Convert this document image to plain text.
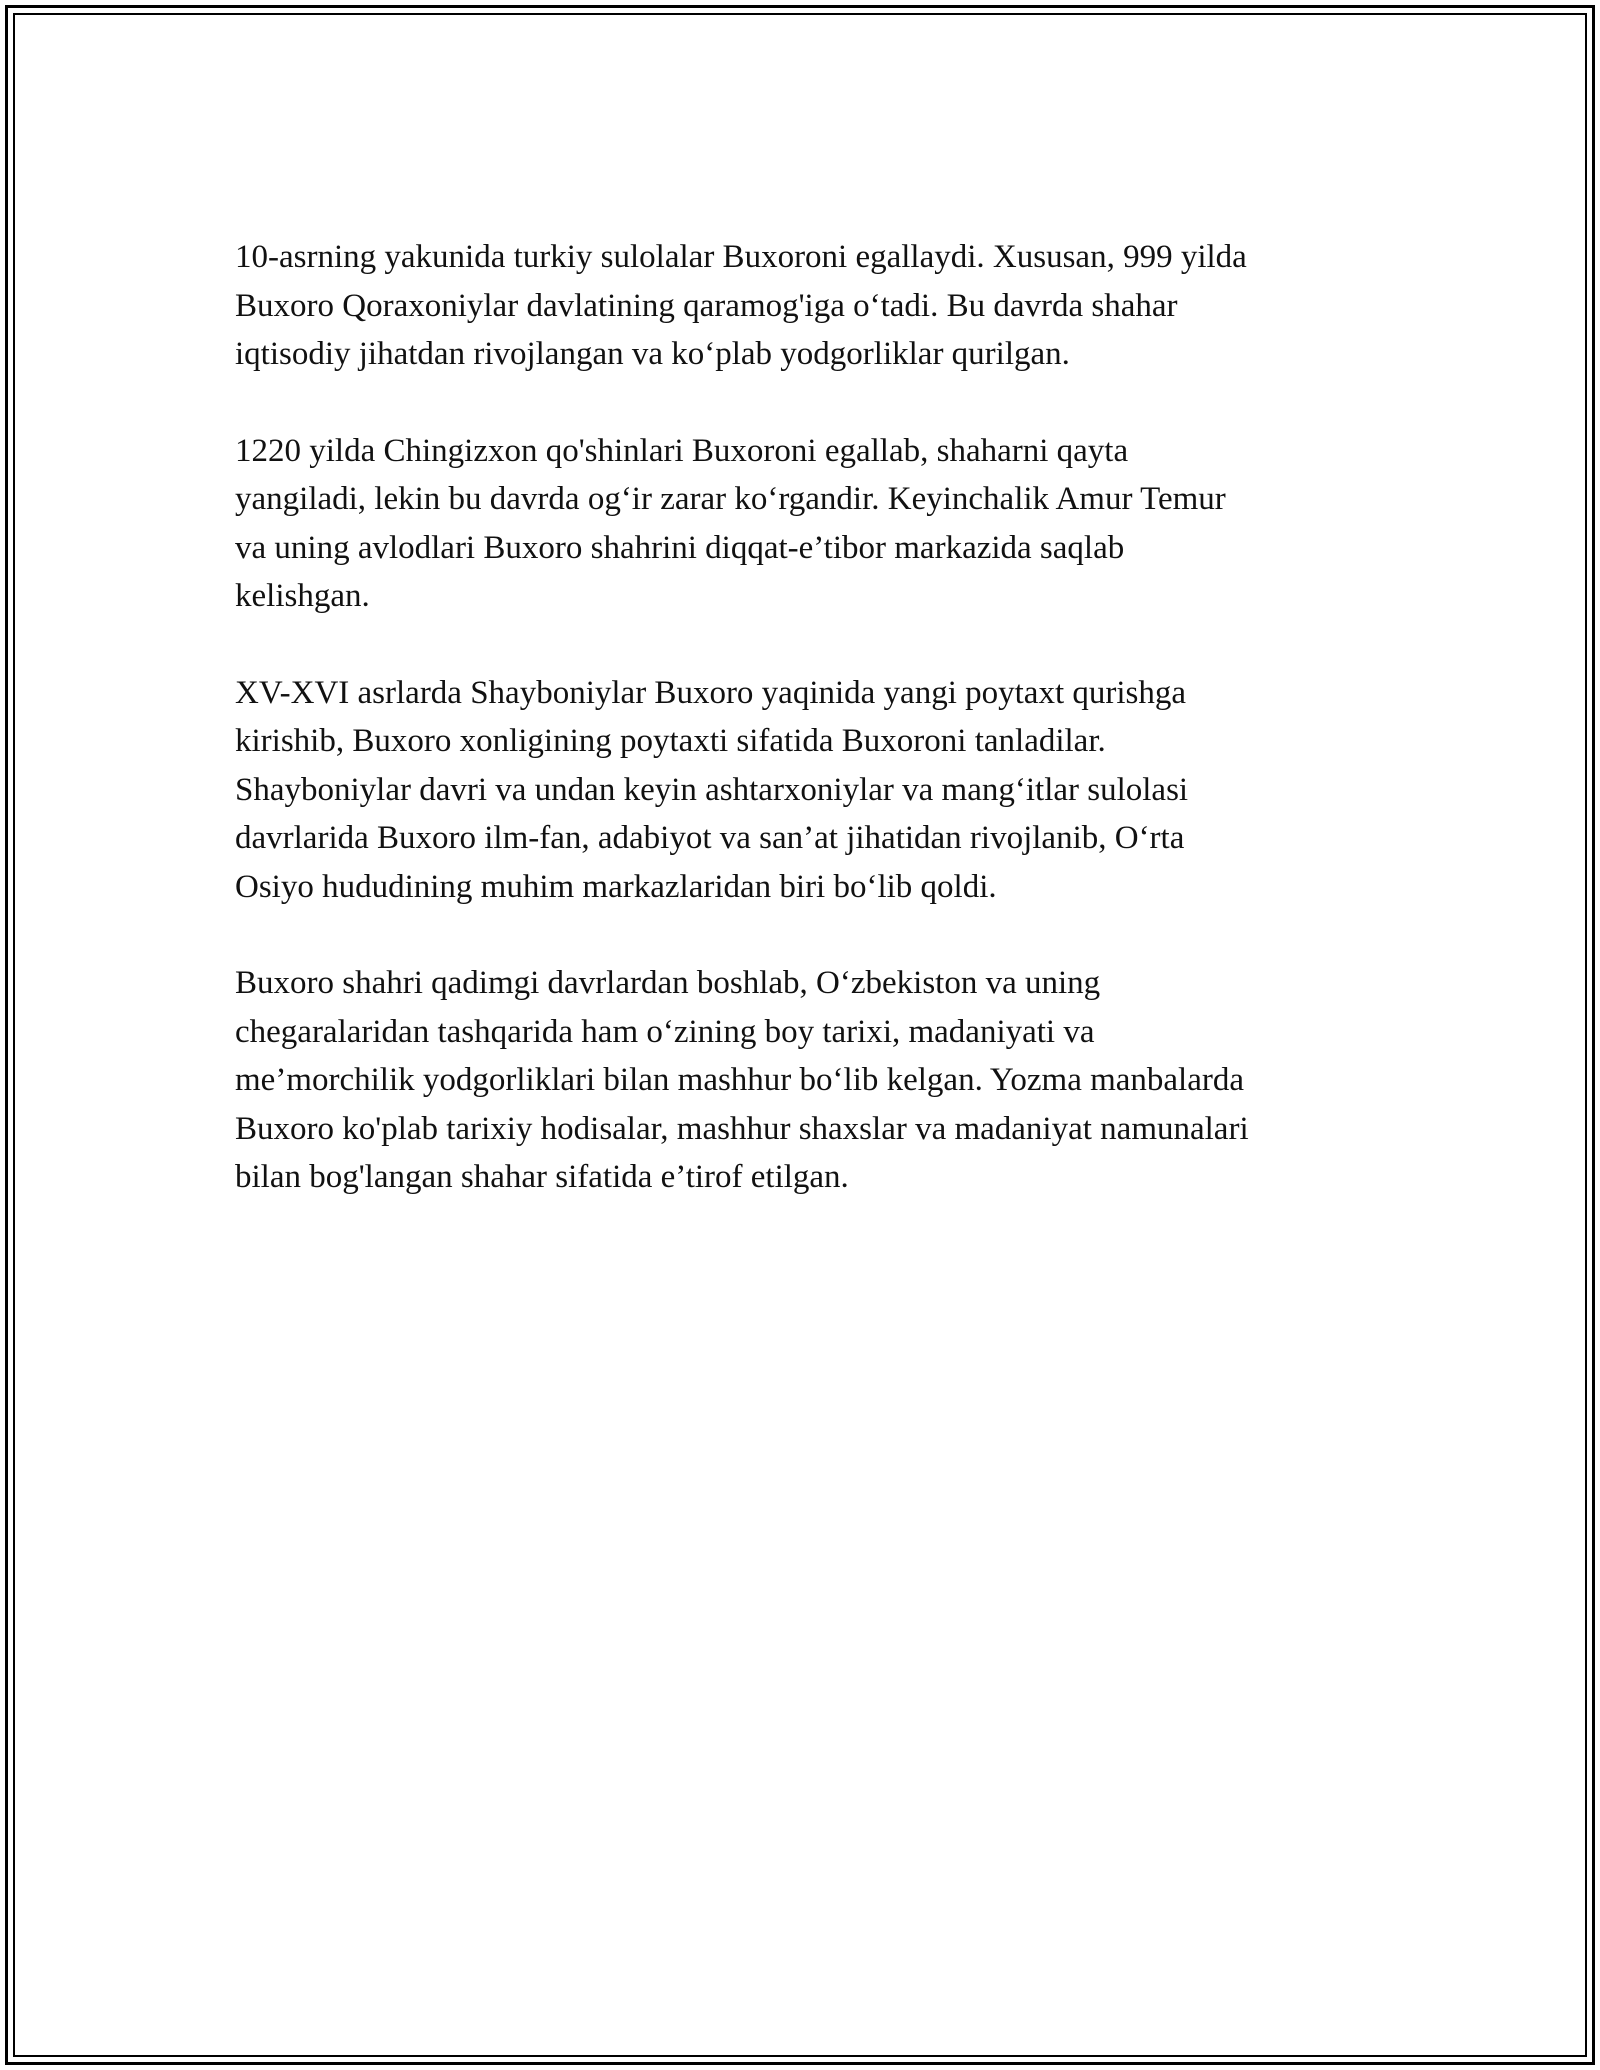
10-asrning yakunida turkiy sulolalar Buxoroni egallaydi. Xususan, 999 yilda
Buxoro Qoraxoniylar davlatining qaramog'iga o‘tadi. Bu davrda shahar
iqtisodiy jihatdan rivojlangan va ko‘plab yodgorliklar qurilgan.

1220 yilda Chingizxon qo'shinlari Buxoroni egallab, shaharni qayta
yangiladi, lekin bu davrda og‘ir zarar ko‘rgandir. Keyinchalik Amur Temur
va uning avlodlari Buxoro shahrini diqqat-e’tibor markazida saqlab
kelishgan.

XV-XVI asrlarda Shayboniylar Buxoro yaqinida yangi poytaxt qurishga
kirishib, Buxoro xonligining poytaxti sifatida Buxoroni tanladilar.
Shayboniylar davri va undan keyin ashtarxoniylar va mang‘itlar sulolasi
davrlarida Buxoro ilm-fan, adabiyot va san’at jihatidan rivojlanib, O‘rta
Osiyo hududining muhim markazlaridan biri bo‘lib qoldi.

Buxoro shahri qadimgi davrlardan boshlab, O‘zbekiston va uning
chegaralaridan tashqarida ham o‘zining boy tarixi, madaniyati va
me’morchilik yodgorliklari bilan mashhur bo‘lib kelgan. Yozma manbalarda
Buxoro ko'plab tarixiy hodisalar, mashhur shaxslar va madaniyat namunalari
bilan bog'langan shahar sifatida e’tirof etilgan.
